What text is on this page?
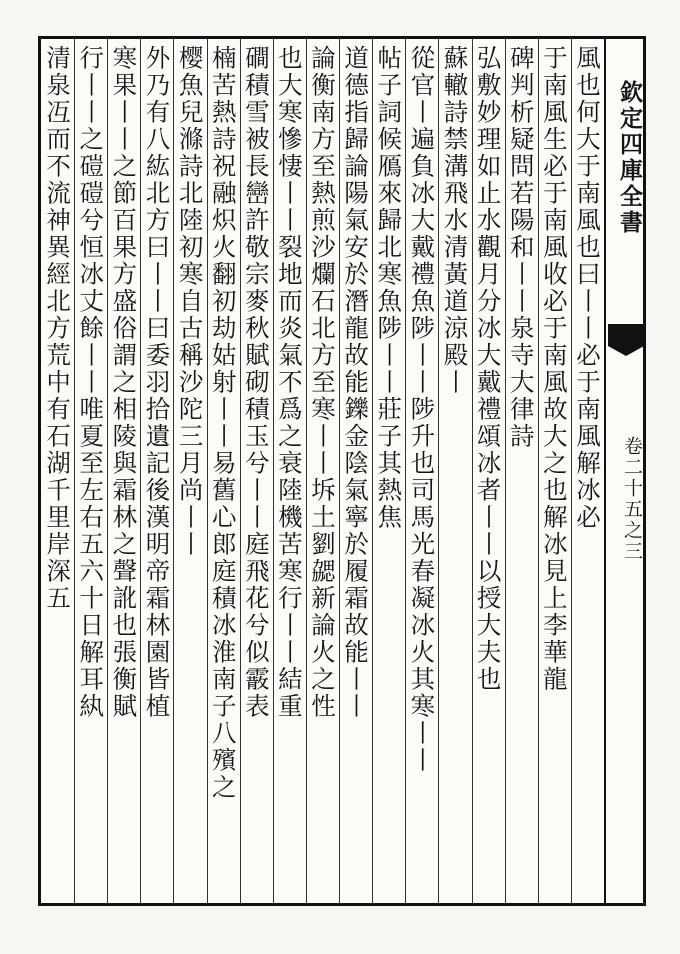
欽定四庫全書
卷二十五之三
風也何大于南風也曰丨丨必于南風解冰必
于南風生必于南風收必于南風故大之也解冰見上李華龍
碑判析疑問若陽和丨丨泉寺大律詩
弘敷妙理如止水觀月分冰大戴禮頌冰者丨丨以授大夫也
蘇轍詩禁溝飛水清黃道涼殿丨
從官丨遍負冰大戴禮魚陟丨丨陟升也司馬光春凝冰火其寒丨丨
帖子詞候鴈來歸北寒魚陟丨丨莊子其熱焦
道德指歸論陽氣安於潛龍故能鑠金陰氣寧於履霜故能丨丨
論衡南方至熱煎沙爛石北方至寒丨丨坼土劉勰新論火之性
也大寒慘悽丨丨裂地而炎氣不爲之衰陸機苦寒行丨丨結重
磵積雪被長巒許敬宗麥秋賦砌積玉兮丨丨庭飛花兮似霰表
楠苦熱詩祝融炽火翻初劫姑射丨丨易舊心郎庭積冰淮南子八殯之
樱魚兒滌詩北陸初寒自古稱沙陀三月尚丨丨
外乃有八紘北方曰丨丨曰委羽拾遺記後漢明帝霜林園皆植
寒果丨丨之節百果方盛俗謂之相陵與霜林之聲訛也張衡賦
行丨丨之磑磑兮恒冰丈餘丨丨唯夏至左右五六十日解耳紈
清泉冱而不流神異經北方荒中有石湖千里岸深五
